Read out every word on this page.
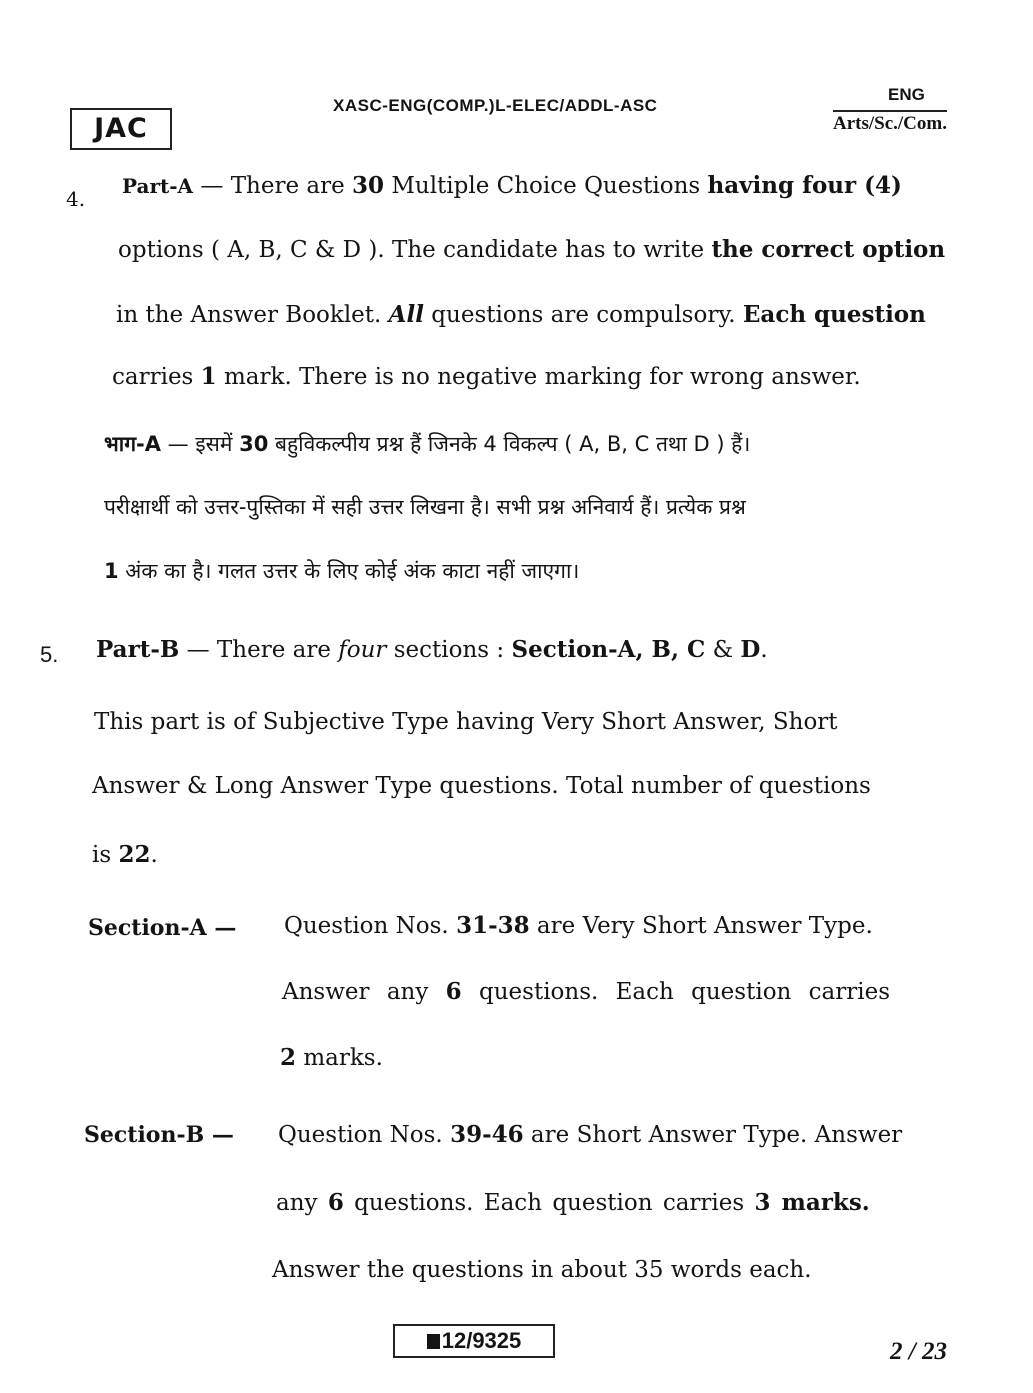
JAC
XASC-ENG(COMP.)L-ELEC/ADDL-ASC
ENG
Arts/Sc./Com.
4.
Part-A — There are 30 Multiple Choice Questions having four (4)
options ( A, B, C & D ). The candidate has to write the correct option
in the Answer Booklet. All questions are compulsory. Each question
carries 1 mark. There is no negative marking for wrong answer.
भाग-A — इसमें 30 बहुविकल्पीय प्रश्न हैं जिनके 4 विकल्प ( A, B, C तथा D ) हैं।
परीक्षार्थी को उत्तर-पुस्तिका में सही उत्तर लिखना है। सभी प्रश्न अनिवार्य हैं। प्रत्येक प्रश्न
1 अंक का है। गलत उत्तर के लिए कोई अंक काटा नहीं जाएगा।
5. Part-B — There are four sections : Section-A, B, C & D.
This part is of Subjective Type having Very Short Answer, Short
Answer & Long Answer Type questions. Total number of questions
is 22.
Section-A — Question Nos. 31-38 are Very Short Answer Type.
Answer any 6 questions. Each question carries
2 marks.
Section-B — Question Nos. 39-46 are Short Answer Type. Answer
any 6 questions. Each question carries 3 marks.
Answer the questions in about 35 words each.
12/9325	2 / 23
